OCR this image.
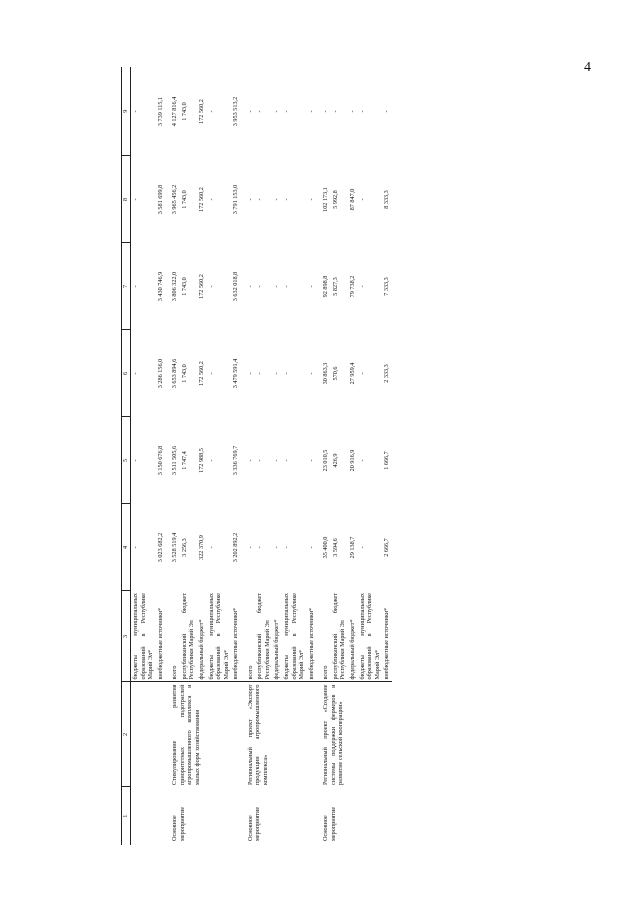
4
1	2	3	4	5	6	7	8	9
		бюджеты муниципальных образований в Республике Марий Эл*	-	-	-	-	-	-
		внебюджетные источники*	3 023 682,2	3 150 676,8	3 286 156,0	3 430 746,9	3 581 699,8	3 739 115,1
Основное мероприятие	Стимулирование развития приоритетных подотраслей агропромышленного комплекса и малых форм хозяйствования	всего	3 528 519,4	3 511 505,6	3 653 894,6	3 806 322,0	3 965 456,2	4 127 816,4
		республиканский бюджет Республики Марий Эл	3 256,3	1 747,4	1 743,0	1 743,0	1 743,0	1 743,0
		федеральный бюджет*	322 370,9	172 988,5	172 560,2	172 560,2	172 560,2	172 560,2
		бюджеты муниципальных образований в Республике Марий Эл*	-	-	-	-	-	-
		внебюджетные источники*	3 202 892,2	3 336 769,7	3 479 591,4	3 632 018,8	3 791 153,0	3 953 513,2
Основное мероприятие	Региональный проект «Экспорт продукции агропромышленного комплекса»	всего	-	-	-	-	-	-
		республиканский бюджет Республики Марий Эл	-	-	-	-	-	-
		федеральный бюджет*	-	-	-	-	-	-
		бюджеты муниципальных образований в Республике Марий Эл*	-	-	-	-	-	-
		внебюджетные источники*	-	-	-	-	-	-
Основное мероприятие	Региональный проект «Создание системы поддержки фермеров и развитие сельской кооперации»	всего	35 400,0	23 010,5	30 863,3	92 898,8	102 173,1	-
		республиканский бюджет Республики Марий Эл	3 594,6	426,9	570,6	5 827,3	5 992,8	-
		федеральный бюджет*	29 138,7	20 916,9	27 959,4	79 738,2	87 847,0	-
		бюджеты муниципальных образований в Республике Марий Эл*	-	-	-	-	-	-
		внебюджетные источники*	2 666,7	1 666,7	2 333,3	7 333,3	8 333,3	-
